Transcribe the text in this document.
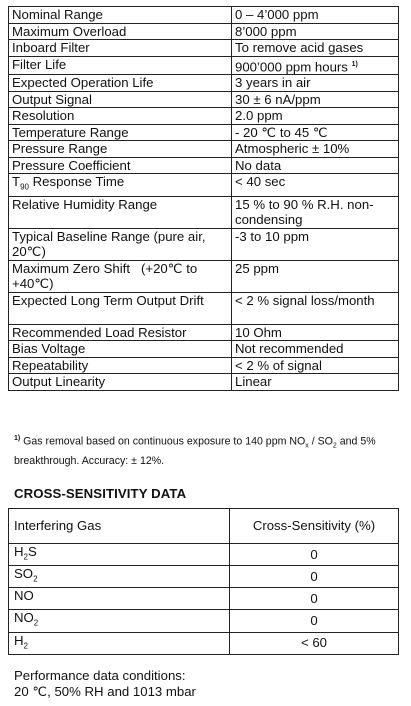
Nominal Range	0 – 4’000 ppm
Maximum Overload	8’000 ppm
Inboard Filter	To remove acid gases
Filter Life	900’000 ppm hours $^{1)}$
Expected Operation Life	3 years in air
Output Signal	30 ± 6 nA/ppm
Resolution	2.0 ppm
Temperature Range	- 20 ℃ to 45 ℃
Pressure Range	Atmospheric ± 10%
Pressure Coefficient	No data
$T_{90}$ Response Time	< 40 sec
Relative Humidity Range	15 % to 90 % R.H. non-condensing
Typical Baseline Range (pure air, 20℃)	-3 to 10 ppm
Maximum Zero Shift   (+20℃ to +40℃)	25 ppm
Expected Long Term Output Drift	< 2 % signal loss/month
Recommended Load Resistor	10 Ohm
Bias Voltage	Not recommended
Repeatability	< 2 % of signal
Output Linearity	Linear
$^{1)}$ Gas removal based on continuous exposure to 140 ppm $NO_x / SO_2$ and 5% breakthrough. Accuracy: ± 12%.
CROSS-SENSITIVITY DATA
Interfering Gas	Cross-Sensitivity (%)
$H_2S$	0
$SO_2$	0
NO	0
$NO_2$	0
$H_2$	< 60
Performance data conditions:
20 ℃, 50% RH and 1013 mbar
